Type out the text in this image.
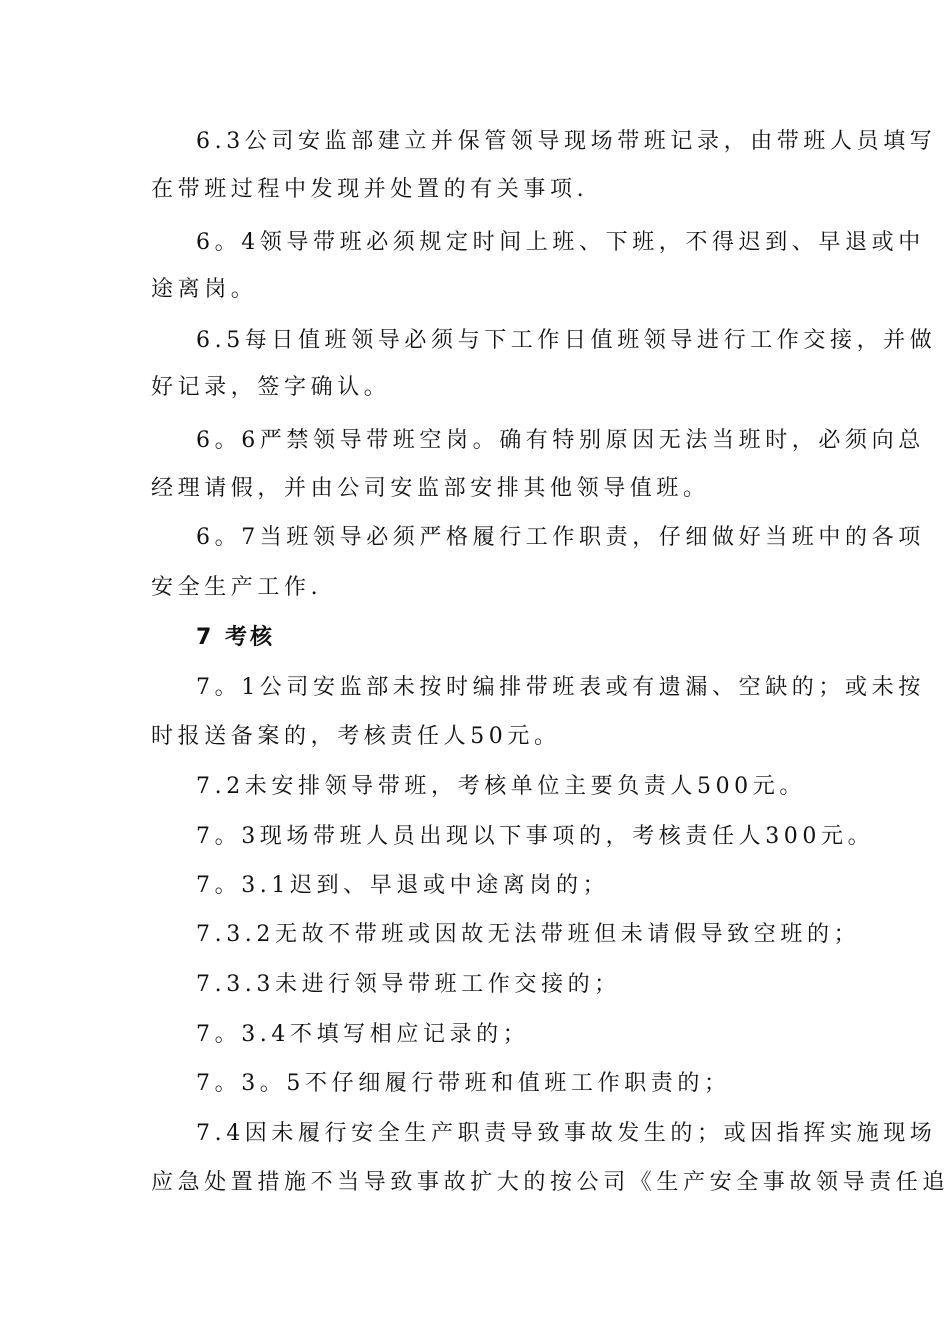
6.3公司安监部建立并保管领导现场带班记录，由带班人员填写
在带班过程中发现并处置的有关事项.
6。4领导带班必须规定时间上班、下班，不得迟到、早退或中
途离岗。
6.5每日值班领导必须与下工作日值班领导进行工作交接，并做
好记录，签字确认。
6。6严禁领导带班空岗。确有特别原因无法当班时，必须向总
经理请假，并由公司安监部安排其他领导值班。
6。7当班领导必须严格履行工作职责，仔细做好当班中的各项
安全生产工作.
7 考核
7。1公司安监部未按时编排带班表或有遗漏、空缺的；或未按
时报送备案的，考核责任人50元。
7.2未安排领导带班，考核单位主要负责人500元。
7。3现场带班人员出现以下事项的，考核责任人300元。
7。3.1迟到、早退或中途离岗的；
7.3.2无故不带班或因故无法带班但未请假导致空班的；
7.3.3未进行领导带班工作交接的；
7。3.4不填写相应记录的；
7。3。5不仔细履行带班和值班工作职责的；
7.4因未履行安全生产职责导致事故发生的；或因指挥实施现场
应急处置措施不当导致事故扩大的按公司《生产安全事故领导责任追
